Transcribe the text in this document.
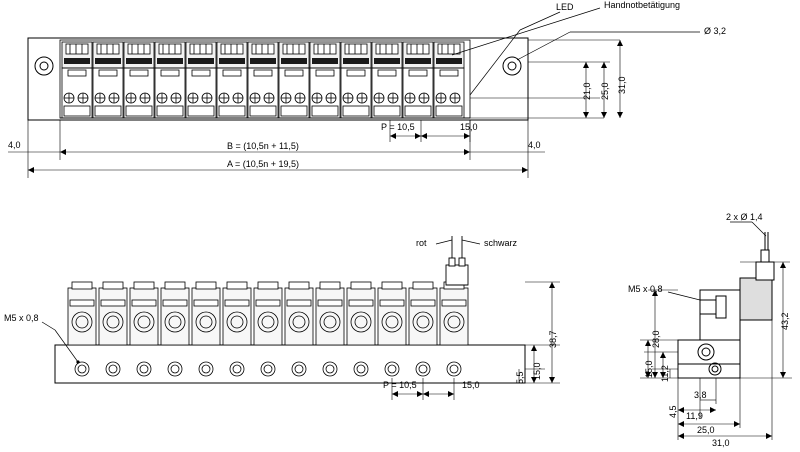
LED	Handnotbetätigung
Ø 3,2
4,0	4,0
P = 10,5	15,0
21,0 25,0 31,0
B = (10,5n + 11,5)
A = (10,5n + 19,5)
rot	schwarz
M5 x 0,8
38,7
15,0
5,5
P = 10,5	15,0
2 x Ø 1,4
M5 x 0,8
43,2
28,0
15,0 11,2
4,5
3,8
11,9
25,0
31,0
